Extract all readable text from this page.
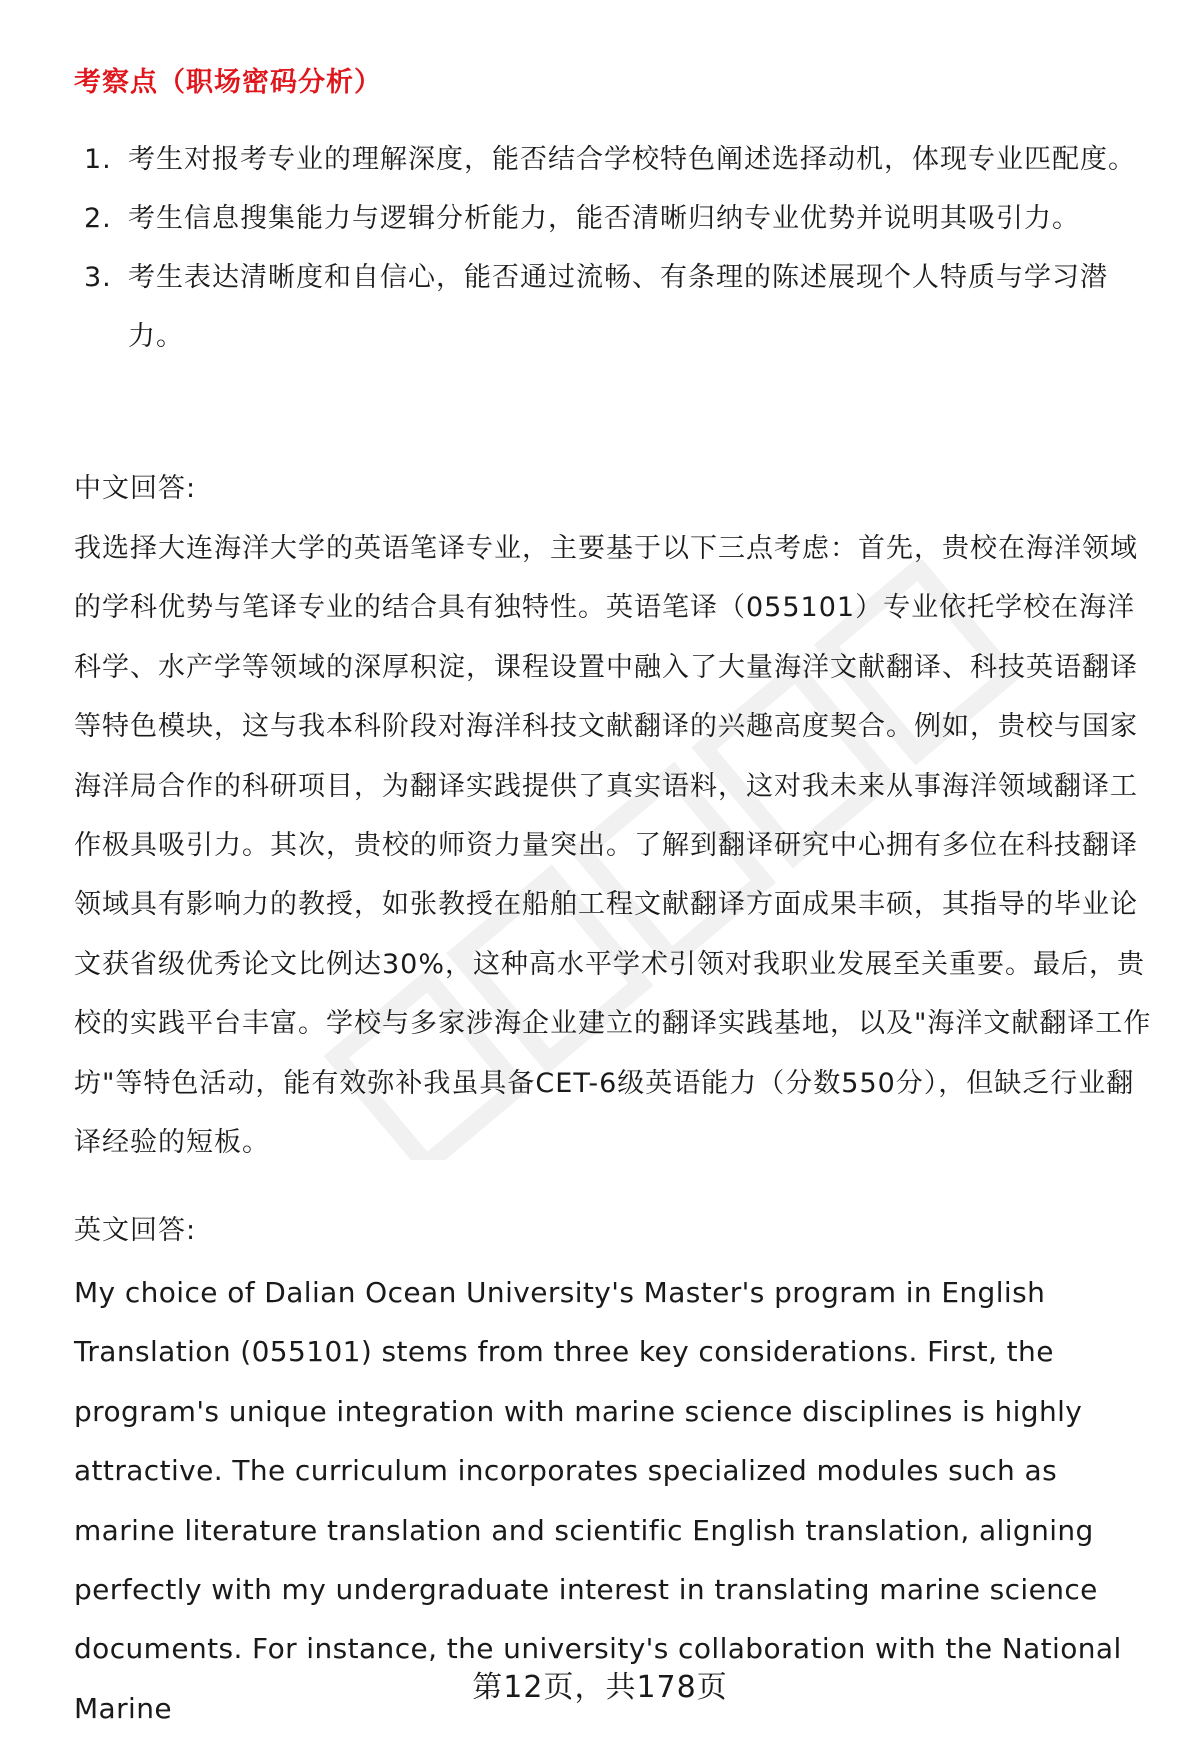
考察点（职场密码分析）
1. 考生对报考专业的理解深度，能否结合学校特色阐述选择动机，体现专业匹配度。
2. 考生信息搜集能力与逻辑分析能力，能否清晰归纳专业优势并说明其吸引力。
3. 考生表达清晰度和自信心，能否通过流畅、有条理的陈述展现个人特质与学习潜力。
中文回答:

我选择大连海洋大学的英语笔译专业，主要基于以下三点考虑：首先，贵校在海洋领域的学科优势与笔译专业的结合具有独特性。英语笔译（055101）专业依托学校在海洋科学、水产学等领域的深厚积淀，课程设置中融入了大量海洋文献翻译、科技英语翻译等特色模块，这与我本科阶段对海洋科技文献翻译的兴趣高度契合。例如，贵校与国家海洋局合作的科研项目，为翻译实践提供了真实语料，这对我未来从事海洋领域翻译工作极具吸引力。其次，贵校的师资力量突出。了解到翻译研究中心拥有多位在科技翻译领域具有影响力的教授，如张教授在船舶工程文献翻译方面成果丰硕，其指导的毕业论文获省级优秀论文比例达30%，这种高水平学术引领对我职业发展至关重要。最后，贵校的实践平台丰富。学校与多家涉海企业建立的翻译实践基地，以及"海洋文献翻译工作坊"等特色活动，能有效弥补我虽具备CET-6级英语能力（分数550分），但缺乏行业翻译经验的短板。

英文回答:

My choice of Dalian Ocean University's Master's program in English Translation (055101) stems from three key considerations. First, the program's unique integration with marine science disciplines is highly attractive. The curriculum incorporates specialized modules such as marine literature translation and scientific English translation, aligning perfectly with my undergraduate interest in translating marine science documents. For instance, the university's collaboration with the National Marine

第12页，共178页
